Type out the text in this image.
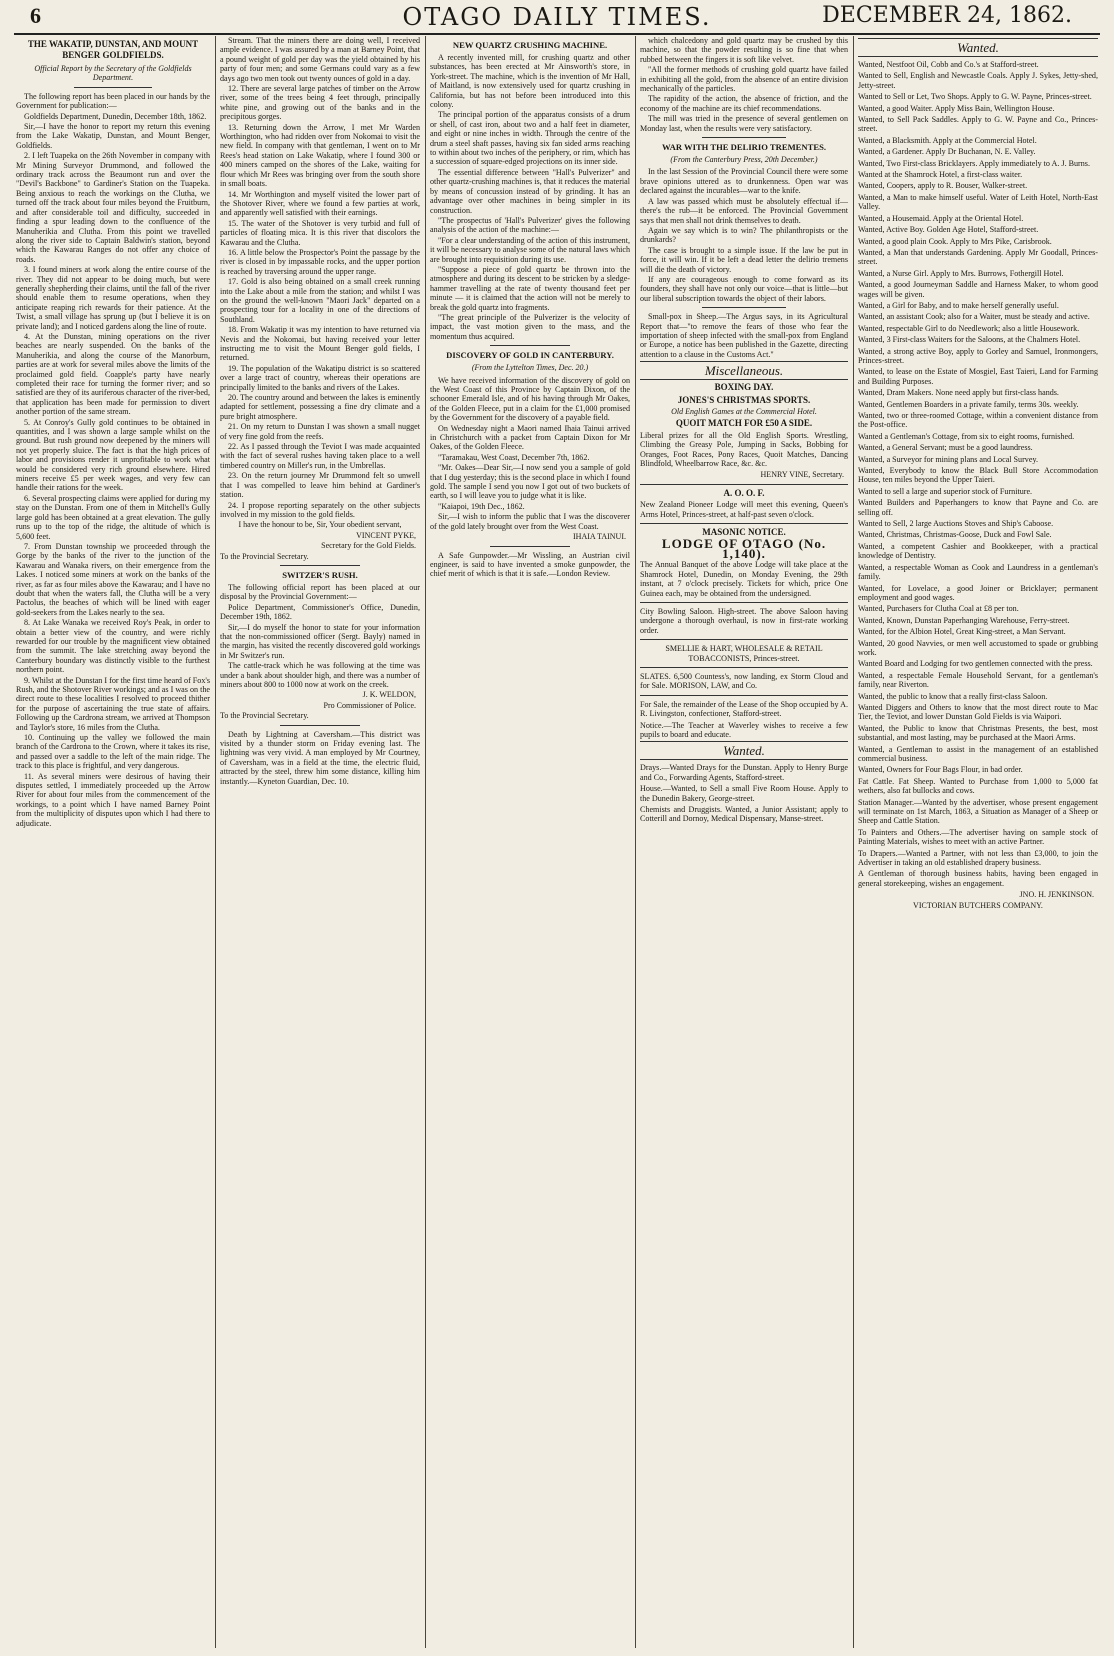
6	OTAGO DAILY TIMES.	DECEMBER 24, 1862.
THE WAKATIP, DUNSTAN, AND MOUNT BENGER GOLDFIELDS.
Official Report by the Secretary of the Goldfields Department.

The following report has been placed in our hands by the Government for publication:—

Goldfields Department, Dunedin, December 18th, 1862.

Sir,—I have the honor to report my return this evening from the Lake Wakatip, Dunstan, and Mount Benger, Goldfields.

2. I left Tuapeka on the 26th November in company with Mr Mining Surveyor Drummond, and followed the ordinary track across the Beaumont run and over the "Devil's Backbone" to Gardiner's Station on the Tuapeka. Being anxious to reach the workings on the Clutha, we turned off the track about four miles beyond the Fruitburn, and after considerable toil and difficulty, succeeded in finding a spur leading down to the confluence of the Manuherikia and Clutha. From this point we travelled along the river side to Captain Baldwin's station, beyond which the Kawarau Ranges do not offer any choice of roads.

3. I found miners at work along the entire course of the river. They did not appear to be doing much, but were generally shepherding their claims, until the fall of the river should enable them to resume operations, when they anticipate reaping rich rewards for their patience. At the Twist, a small village has sprung up (but I believe it is on private land); and I noticed gardens along the line of route.

4. At the Dunstan, mining operations on the river beaches are nearly suspended. On the banks of the Manuherikia, and along the course of the Manorburn, parties are at work for several miles above the limits of the proclaimed gold field. Coapple's party have nearly completed their race for turning the former river; and so satisfied are they of its auriferous character of the river-bed, that application has been made for permission to divert another portion of the same stream.

5. At Conroy's Gully gold continues to be obtained in quantities, and I was shown a large sample whilst on the ground. But rush ground now deepened by the miners will not yet properly sluice. The fact is that the high prices of labor and provisions render it unprofitable to work what would be considered very rich ground elsewhere. Hired miners receive £5 per week wages, and very few can handle their rations for the week.

6. Several prospecting claims were applied for during my stay on the Dunstan. From one of them in Mitchell's Gully large gold has been obtained at a great elevation. The gully runs up to the top of the ridge, the altitude of which is 5,600 feet.

7. From Dunstan township we proceeded through the Gorge by the banks of the river to the junction of the Kawarau and Wanaka rivers, on their emergence from the Lakes. I noticed some miners at work on the banks of the river, as far as four miles above the Kawarau; and I have no doubt that when the waters fall, the Clutha will be a very Pactolus, the beaches of which will be lined with eager gold-seekers from the Lakes nearly to the sea.

8. At Lake Wanaka we received Roy's Peak, in order to obtain a better view of the country, and were richly rewarded for our trouble by the magnificent view obtained from the summit. The lake stretching away beyond the Canterbury boundary was distinctly visible to the furthest northern point.

9. Whilst at the Dunstan I for the first time heard of Fox's Rush, and the Shotover River workings; and as I was on the direct route to these localities I resolved to proceed thither for the purpose of ascertaining the true state of affairs. Following up the Cardrona stream, we arrived at Thompson and Taylor's store, 16 miles from the Clutha.

10. Continuing up the valley we followed the main branch of the Cardrona to the Crown, where it takes its rise, and passed over a saddle to the left of the main ridge. The track to this place is frightful, and very dangerous.

11. As several miners were desirous of having their disputes settled, I immediately proceeded up the Arrow River for about four miles from the commencement of the workings, to a point which I have named Barney Point from the multiplicity of disputes upon which I had there to adjudicate.

Stream. That the miners there are doing well, I received ample evidence. I was assured by a man at Barney Point, that a pound weight of gold per day was the yield obtained by his party of four men; and some Germans could vary as a few days ago two men took out twenty ounces of gold in a day.

12. There are several large patches of timber on the Arrow river, some of the trees being 4 feet through, principally white pine, and growing out of the banks and in the precipitous gorges.

13. Returning down the Arrow, I met Mr Warden Worthington, who had ridden over from Nokomai to visit the new field. In company with that gentleman, I went on to Mr Rees's head station on Lake Wakatip, where I found 300 or 400 miners camped on the shores of the Lake, waiting for flour which Mr Rees was bringing over from the south shore in small boats.

14. Mr Worthington and myself visited the lower part of the Shotover River, where we found a few parties at work, and apparently well satisfied with their earnings.

15. The water of the Shotover is very turbid and full of particles of floating mica. It is this river that discolors the Kawarau and the Clutha.

16. A little below the Prospector's Point the passage by the river is closed in by impassable rocks, and the upper portion is reached by traversing around the upper range.

17. Gold is also being obtained on a small creek running into the Lake about a mile from the station; and whilst I was on the ground the well-known "Maori Jack" departed on a prospecting tour for a locality in one of the directions of Southland.

18. From Wakatip it was my intention to have returned via Nevis and the Nokomai, but having received your letter instructing me to visit the Mount Benger gold fields, I returned.

19. The population of the Wakatipu district is so scattered over a large tract of country, whereas their operations are principally limited to the banks and rivers of the Lakes.

20. The country around and between the lakes is eminently adapted for settlement, possessing a fine dry climate and a pure bright atmosphere.

21. On my return to Dunstan I was shown a small nugget of very fine gold from the reefs.

22. As I passed through the Teviot I was made acquainted with the fact of several rushes having taken place to a well timbered country on Miller's run, in the Umbrellas.

23. On the return journey Mr Drummond felt so unwell that I was compelled to leave him behind at Gardiner's station.

24. I propose reporting separately on the other subjects involved in my mission to the gold fields.

I have the honour to be, Sir, Your obedient servant,
VINCENT PYKE,
Secretary for the Gold Fields.
To the Provincial Secretary.
SWITZER'S RUSH.

The following official report has been placed at our disposal by the Provincial Government:—

Police Department, Commissioner's Office, Dunedin, December 19th, 1862.

Sir,—I do myself the honor to state for your information that the non-commissioned officer (Sergt. Bayly) named in the margin, has visited the recently discovered gold workings in Mr Switzer's run.

The cattle-track which he was following at the time was under a bank about shoulder high, and there was a number of miners about 800 to 1000 now at work on the creek.

J. K. WELDON,
Pro Commissioner of Police.
To the Provincial Secretary.

Death by Lightning at Caversham.—This district was visited by a thunder storm on Friday evening last. The lightning was very vivid. A man employed by Mr Courtney, of Caversham, was in a field at the time, the electric fluid, attracted by the steel, threw him some distance, killing him instantly.—Kyneton Guardian, Dec. 10.

NEW QUARTZ CRUSHING MACHINE.

A recently invented mill, for crushing quartz and other substances, has been erected at Mr Ainsworth's store, in York-street. The machine, which is the invention of Mr Hall, of Maitland, is now extensively used for quartz crushing in California, but has not before been introduced into this colony.

The principal portion of the apparatus consists of a drum or shell, of cast iron, about two and a half feet in diameter, and eight or nine inches in width. Through the centre of the drum a steel shaft passes, having six fan sided arms reaching to within about two inches of the periphery, or rim, which has a succession of square-edged projections on its inner side.

The essential difference between "Hall's Pulverizer" and other quartz-crushing machines is, that it reduces the material by means of concussion instead of by grinding. It has an advantage over other machines in being simpler in its construction.

"The prospectus of 'Hall's Pulverizer' gives the following analysis of the action of the machine:—

"For a clear understanding of the action of this instrument, it will be necessary to analyse some of the natural laws which are brought into requisition during its use.

"Suppose a piece of gold quartz be thrown into the atmosphere and during its descent to be stricken by a sledge-hammer travelling at the rate of twenty thousand feet per minute — it is claimed that the action will not be merely to break the gold quartz into fragments.

"The great principle of the Pulverizer is the velocity of impact, the vast motion given to the mass, and the momentum thus acquired.

DISCOVERY OF GOLD IN CANTERBURY.
(From the Lyttelton Times, Dec. 20.)

We have received information of the discovery of gold on the West Coast of this Province by Captain Dixon, of the schooner Emerald Isle, and of his having through Mr Oakes, of the Golden Fleece, put in a claim for the £1,000 promised by the Government for the discovery of a payable field.

On Wednesday night a Maori named Ihaia Tainui arrived in Christchurch with a packet from Captain Dixon for Mr Oakes, of the Golden Fleece.

"Taramakau, West Coast, December 7th, 1862.

"Mr. Oakes—Dear Sir,—I now send you a sample of gold that I dug yesterday; this is the second place in which I found gold. The sample I send you now I got out of two buckets of earth, so I will leave you to judge what it is like.

"Kaiapoi, 19th Dec., 1862.

Sir,—I wish to inform the public that I was the discoverer of the gold lately brought over from the West Coast.

IHAIA TAINUI.

A Safe Gunpowder.—Mr Wissling, an Austrian civil engineer, is said to have invented a smoke gunpowder, the chief merit of which is that it is safe.—London Review.

which chalcedony and gold quartz may be crushed by this machine, so that the powder resulting is so fine that when rubbed between the fingers it is soft like velvet.

"All the former methods of crushing gold quartz have failed in exhibiting all the gold, from the absence of an entire division mechanically of the particles.

The rapidity of the action, the absence of friction, and the economy of the machine are its chief recommendations.

The mill was tried in the presence of several gentlemen on Monday last, when the results were very satisfactory.

WAR WITH THE DELIRIO TREMENTES.
(From the Canterbury Press, 20th December.)

In the last Session of the Provincial Council there were some brave opinions uttered as to drunkenness. Open war was declared against the incurables—war to the knife.

A law was passed which must be absolutely effectual if—there's the rub—it be enforced. The Provincial Government says that men shall not drink themselves to death.

Again we say which is to win? The philanthropists or the drunkards?

The case is brought to a simple issue. If the law be put in force, it will win. If it be left a dead letter the delirio tremens will die the death of victory.

If any are courageous enough to come forward as its founders, they shall have not only our voice—that is little—but our liberal subscription towards the object of their labors.

Small-pox in Sheep.—The Argus says, in its Agricultural Report that—"to remove the fears of those who fear the importation of sheep infected with the small-pox from England or Europe, a notice has been published in the Gazette, directing attention to a clause in the Customs Act."

Miscellaneous.
BOXING DAY.
JONES'S CHRISTMAS SPORTS.
Old English Games at the Commercial Hotel.
QUOIT MATCH FOR £50 A SIDE.

Liberal prizes for all the Old English Sports. Wrestling, Climbing the Greasy Pole, Jumping in Sacks, Bobbing for Oranges, Foot Races, Pony Races, Quoit Matches, Dancing Blindfold, Wheelbarrow Race, &c. &c.

HENRY VINE, Secretary.
A. O. O. F.

New Zealand Pioneer Lodge will meet this evening, Queen's Arms Hotel, Princes-street, at half-past seven o'clock.

MASONIC NOTICE.
LODGE OF OTAGO (No. 1,140).

The Annual Banquet of the above Lodge will take place at the Shamrock Hotel, Dunedin, on Monday Evening, the 29th instant, at 7 o'clock precisely. Tickets for which, price One Guinea each, may be obtained from the undersigned.

City Bowling Saloon. High-street. The above Saloon having undergone a thorough overhaul, is now in first-rate working order.

SMELLIE & HART, WHOLESALE & RETAIL TOBACCONISTS, Princes-street.

SLATES. 6,500 Countess's, now landing, ex Storm Cloud and for Sale. MORISON, LAW, and Co.

For Sale, the remainder of the Lease of the Shop occupied by A. R. Livingston, confectioner, Stafford-street.

Notice.—The Teacher at Waverley wishes to receive a few pupils to board and educate.

Wanted.

Drays.—Wanted Drays for the Dunstan. Apply to Henry Burge and Co., Forwarding Agents, Stafford-street.

House.—Wanted, to Sell a small Five Room House. Apply to the Dunedin Bakery, George-street.

Chemists and Druggists. Wanted, a Junior Assistant; apply to Cotterill and Dornoy, Medical Dispensary, Manse-street.

Wanted.

Wanted, Nestfoot Oil, Cobb and Co.'s at Stafford-street.

Wanted to Sell, English and Newcastle Coals. Apply J. Sykes, Jetty-shed, Jetty-street.

Wanted to Sell or Let, Two Shops. Apply to G. W. Payne, Princes-street.

Wanted, a good Waiter. Apply Miss Bain, Wellington House.

Wanted, to Sell Pack Saddles. Apply to G. W. Payne and Co., Princes-street.

Wanted, a Blacksmith. Apply at the Commercial Hotel.

Wanted, a Gardener. Apply Dr Buchanan, N. E. Valley.

Wanted, Two First-class Bricklayers. Apply immediately to A. J. Burns.

Wanted at the Shamrock Hotel, a first-class waiter.

Wanted, Coopers, apply to R. Bouser, Walker-street.

Wanted, a Man to make himself useful. Water of Leith Hotel, North-East Valley.

Wanted, a Housemaid. Apply at the Oriental Hotel.

Wanted, Active Boy. Golden Age Hotel, Stafford-street.

Wanted, a good plain Cook. Apply to Mrs Pike, Carisbrook.

Wanted, a Man that understands Gardening. Apply Mr Goodall, Princes-street.

Wanted, a Nurse Girl. Apply to Mrs. Burrows, Fothergill Hotel.

Wanted, a good Journeyman Saddle and Harness Maker, to whom good wages will be given.

Wanted, a Girl for Baby, and to make herself generally useful.

Wanted, an assistant Cook; also for a Waiter, must be steady and active.

Wanted, respectable Girl to do Needlework; also a little Housework.

Wanted, 3 First-class Waiters for the Saloons, at the Chalmers Hotel.

Wanted, a strong active Boy, apply to Gorley and Samuel, Ironmongers, Princes-street.

Wanted, to lease on the Estate of Mosgiel, East Taieri, Land for Farming and Building Purposes.

Wanted, Dram Makers. None need apply but first-class hands.

Wanted, Gentlemen Boarders in a private family, terms 30s. weekly.

Wanted, two or three-roomed Cottage, within a convenient distance from the Post-office.

Wanted a Gentleman's Cottage, from six to eight rooms, furnished.

Wanted, a General Servant; must be a good laundress.

Wanted, a Surveyor for mining plans and Local Survey.

Wanted, Everybody to know the Black Bull Store Accommodation House, ten miles beyond the Upper Taieri.

Wanted to sell a large and superior stock of Furniture.

Wanted Builders and Paperhangers to know that Payne and Co. are selling off.

Wanted to Sell, 2 large Auctions Stoves and Ship's Caboose.

Wanted, Christmas, Christmas-Goose, Duck and Fowl Sale.

Wanted, a competent Cashier and Bookkeeper, with a practical knowledge of Dentistry.

Wanted, a respectable Woman as Cook and Laundress in a gentleman's family.

Wanted, for Lovelace, a good Joiner or Bricklayer; permanent employment and good wages.

Wanted, Purchasers for Clutha Coal at £8 per ton.

Wanted, Known, Dunstan Paperhanging Warehouse, Ferry-street.

Wanted, for the Albion Hotel, Great King-street, a Man Servant.

Wanted, 20 good Navvies, or men well accustomed to spade or grubbing work.

Wanted Board and Lodging for two gentlemen connected with the press.

Wanted, a respectable Female Household Servant, for a gentleman's family, near Riverton.

Wanted, the public to know that a really first-class Saloon.

Wanted Diggers and Others to know that the most direct route to Mac Tier, the Teviot, and lower Dunstan Gold Fields is via Waipori.

Wanted, the Public to know that Christmas Presents, the best, most substantial, and most lasting, may be purchased at the Maori Arms.

Wanted, a Gentleman to assist in the management of an established commercial business.

Wanted, Owners for Four Bags Flour, in bad order.

Fat Cattle. Fat Sheep. Wanted to Purchase from 1,000 to 5,000 fat wethers, also fat bullocks and cows.

Station Manager.—Wanted by the advertiser, whose present engagement will terminate on 1st March, 1863, a Situation as Manager of a Sheep or Sheep and Cattle Station.

To Painters and Others.—The advertiser having on sample stock of Painting Materials, wishes to meet with an active Partner.

To Drapers.—Wanted a Partner, with not less than £3,000, to join the Advertiser in taking an old established drapery business.

A Gentleman of thorough business habits, having been engaged in general storekeeping, wishes an engagement.

JNO. H. JENKINSON.
VICTORIAN BUTCHERS COMPANY.
